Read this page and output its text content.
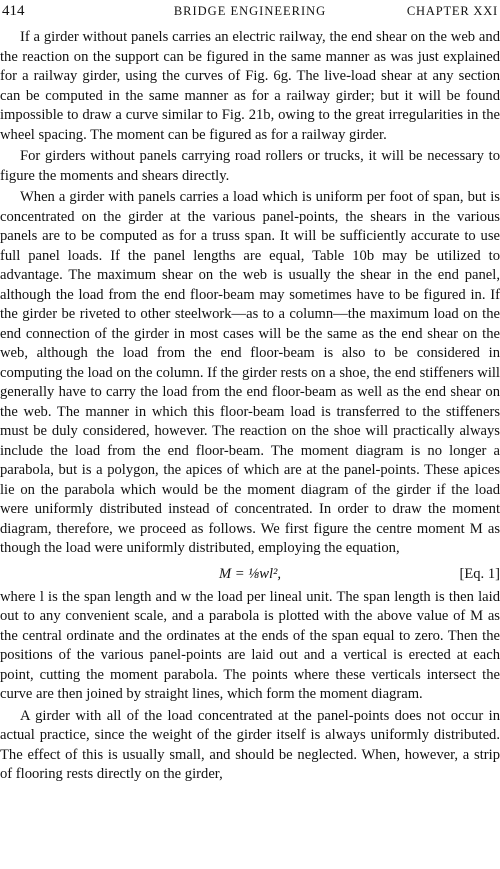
414	BRIDGE ENGINEERING	CHAPTER XXI

If a girder without panels carries an electric railway, the end shear on the web and the reaction on the support can be figured in the same manner as was just explained for a railway girder, using the curves of Fig. 6g. The live-load shear at any section can be computed in the same manner as for a railway girder; but it will be found impossible to draw a curve similar to Fig. 21b, owing to the great irregularities in the wheel spacing. The moment can be figured as for a railway girder.

For girders without panels carrying road rollers or trucks, it will be necessary to figure the moments and shears directly.

When a girder with panels carries a load which is uniform per foot of span, but is concentrated on the girder at the various panel-points, the shears in the various panels are to be computed as for a truss span. It will be sufficiently accurate to use full panel loads. If the panel lengths are equal, Table 10b may be utilized to advantage. The maximum shear on the web is usually the shear in the end panel, although the load from the end floor-beam may sometimes have to be figured in. If the girder be riveted to other steelwork—as to a column—the maximum load on the end connection of the girder in most cases will be the same as the end shear on the web, although the load from the end floor-beam is also to be considered in computing the load on the column. If the girder rests on a shoe, the end stiffeners will generally have to carry the load from the end floor-beam as well as the end shear on the web. The manner in which this floor-beam load is transferred to the stiffeners must be duly considered, however. The reaction on the shoe will practically always include the load from the end floor-beam. The moment diagram is no longer a parabola, but is a polygon, the apices of which are at the panel-points. These apices lie on the parabola which would be the moment diagram of the girder if the load were uniformly distributed instead of concentrated. In order to draw the moment diagram, therefore, we proceed as follows. We first figure the centre moment M as though the load were uniformly distributed, employing the equation,

M = ⅛wl²,	[Eq. 1]

where l is the span length and w the load per lineal unit. The span length is then laid out to any convenient scale, and a parabola is plotted with the above value of M as the central ordinate and the ordinates at the ends of the span equal to zero. Then the positions of the various panel-points are laid out and a vertical is erected at each point, cutting the moment parabola. The points where these verticals intersect the curve are then joined by straight lines, which form the moment diagram.

A girder with all of the load concentrated at the panel-points does not occur in actual practice, since the weight of the girder itself is always uniformly distributed. The effect of this is usually small, and should be neglected. When, however, a strip of flooring rests directly on the girder,
